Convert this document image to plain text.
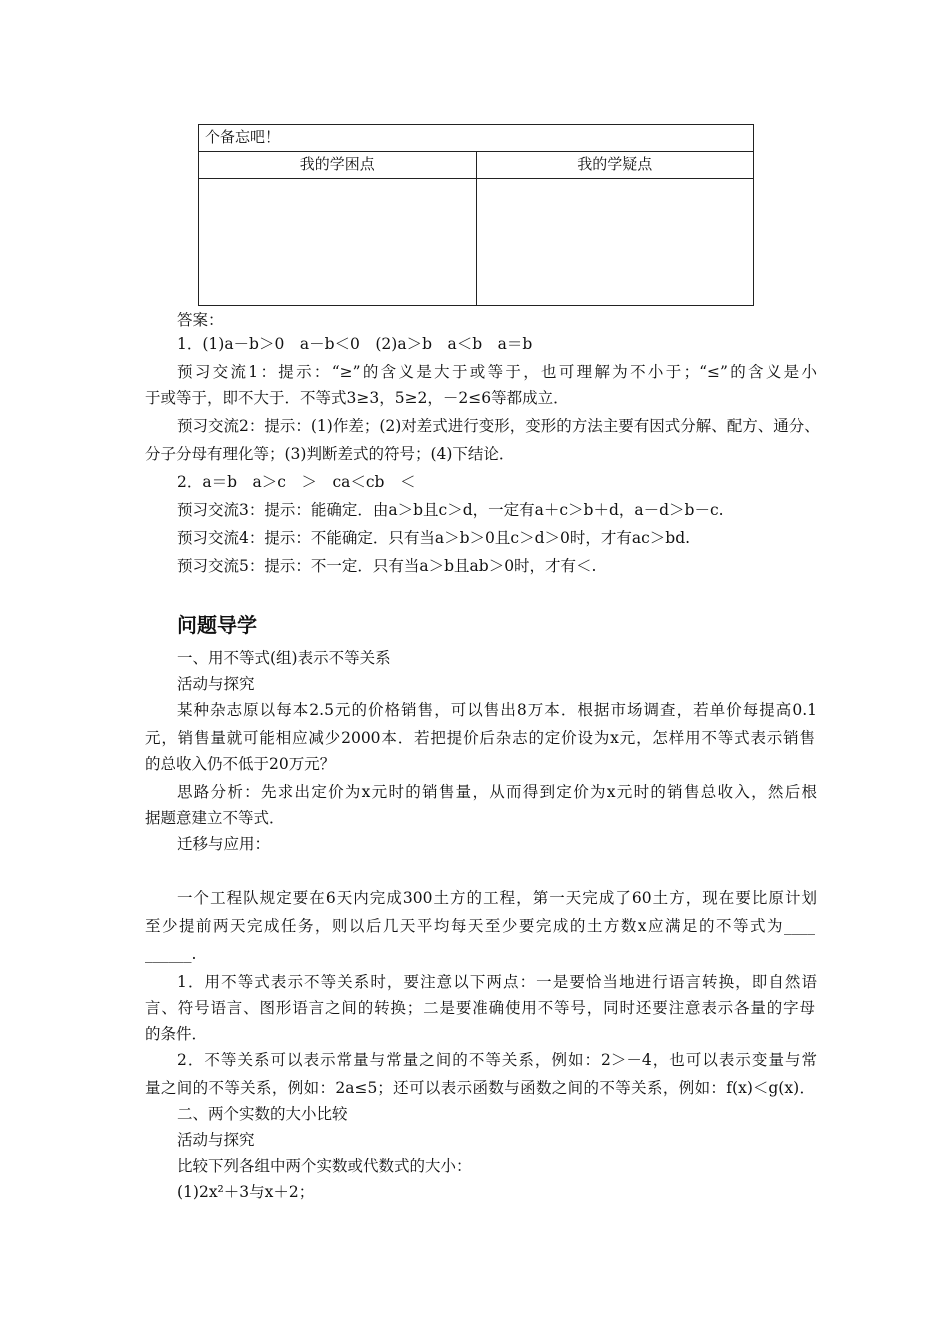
个备忘吧！	
我的学困点	我的学疑点

答案：
1．(1)a－b＞0　a－b＜0　(2)a＞b　a＜b　a＝b
预习交流1：提示：“≥”的含义是大于或等于，也可理解为不小于；“≤”的含义是小
于或等于，即不大于．不等式3≥3，5≥2，－2≤6等都成立．
预习交流2：提示：(1)作差；(2)对差式进行变形，变形的方法主要有因式分解、配方、通分、
分子分母有理化等；(3)判断差式的符号；(4)下结论．
2．a＝b　a＞c　＞　ca＜cb　＜
预习交流3：提示：能确定．由a＞b且c＞d，一定有a＋c＞b＋d，a－d＞b－c.
预习交流4：提示：不能确定．只有当a＞b＞0且c＞d＞0时，才有ac＞bd.
预习交流5：提示：不一定．只有当a＞b且ab＞0时，才有＜.
问题导学
一、用不等式(组)表示不等关系
活动与探究
某种杂志原以每本2.5元的价格销售，可以售出8万本．根据市场调查，若单价每提高0.1
元，销售量就可能相应减少2000本．若把提价后杂志的定价设为x元，怎样用不等式表示销售
的总收入仍不低于20万元？
思路分析：先求出定价为x元时的销售量，从而得到定价为x元时的销售总收入，然后根
据题意建立不等式．
迁移与应用：
一个工程队规定要在6天内完成300土方的工程，第一天完成了60土方，现在要比原计划
至少提前两天完成任务，则以后几天平均每天至少要完成的土方数x应满足的不等式为____
______.
1．用不等式表示不等关系时，要注意以下两点：一是要恰当地进行语言转换，即自然语
言、符号语言、图形语言之间的转换；二是要准确使用不等号，同时还要注意表示各量的字母
的条件．
2．不等关系可以表示常量与常量之间的不等关系，例如：2＞－4，也可以表示变量与常
量之间的不等关系，例如：2a≤5；还可以表示函数与函数之间的不等关系，例如：f(x)＜g(x)．
二、两个实数的大小比较
活动与探究
比较下列各组中两个实数或代数式的大小：
(1)2x²＋3与x＋2；
